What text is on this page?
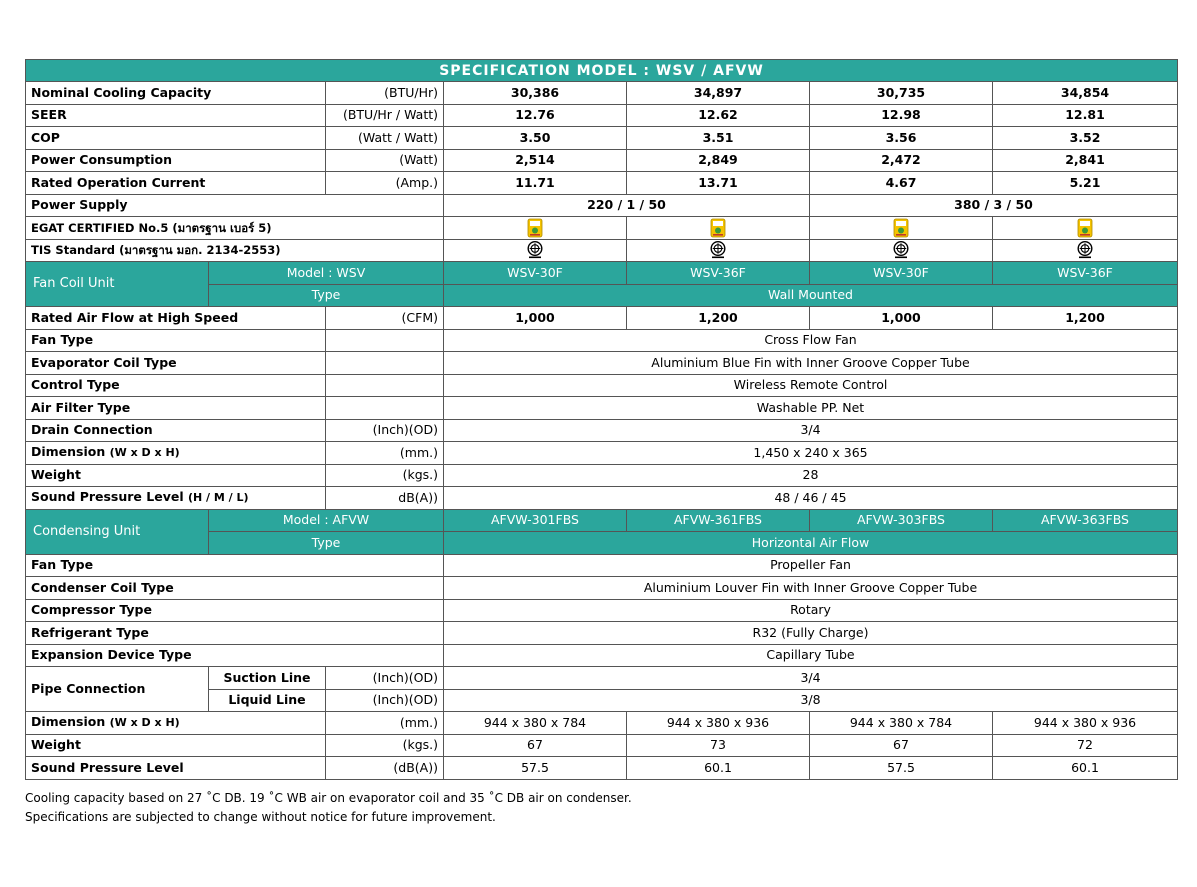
SPECIFICATION MODEL : WSV / AFVW						
Nominal Cooling Capacity		(BTU/Hr)	30,386	34,897	30,735	34,854
SEER		(BTU/Hr / Watt)	12.76	12.62	12.98	12.81
COP		(Watt / Watt)	3.50	3.51	3.56	3.52
Power Consumption		(Watt)	2,514	2,849	2,472	2,841
Rated Operation Current		(Amp.)	11.71	13.71	4.67	5.21
Power Supply			220 / 1 / 50		380 / 3 / 50	
EGAT CERTIFIED No.5 (มาตรฐาน เบอร์ 5)	

TIS Standard (มาตรฐาน มอก. 2134-2553)	

Fan Coil Unit	Model : WSV		WSV-30F	WSV-36F	WSV-30F	WSV-36F
	Type		Wall Mounted			
Rated Air Flow at High Speed		(CFM)	1,000	1,200	1,000	1,200
Fan Type			Cross Flow Fan			
Evaporator Coil Type			Aluminium Blue Fin with Inner Groove Copper Tube			
Control Type			Wireless Remote Control			
Air Filter Type			Washable PP. Net			
Drain Connection		(Inch)(OD)	3/4			
Dimension (W x D x H)		(mm.)	1,450 x 240 x 365			
Weight		(kgs.)	28			
Sound Pressure Level (H / M / L)		dB(A))	48 / 46 / 45			
Condensing Unit	Model : AFVW		AFVW-301FBS	AFVW-361FBS	AFVW-303FBS	AFVW-363FBS
	Type		Horizontal Air Flow			
Fan Type			Propeller Fan			
Condenser Coil Type			Aluminium Louver Fin with Inner Groove Copper Tube			
Compressor Type			Rotary			
Refrigerant Type			R32 (Fully Charge)			
Expansion Device Type			Capillary Tube			
Pipe Connection	Suction Line	(Inch)(OD)	3/4			
	Liquid Line	(Inch)(OD)	3/8			
Dimension (W x D x H)		(mm.)	944 x 380 x 784	944 x 380 x 936	944 x 380 x 784	944 x 380 x 936
Weight		(kgs.)	67	73	67	72
Sound Pressure Level		(dB(A))	57.5	60.1	57.5	60.1
Cooling capacity based on 27 ˚C DB. 19 ˚C WB air on evaporator coil and 35 ˚C DB air on condenser.
Specifications are subjected to change without notice for future improvement.
